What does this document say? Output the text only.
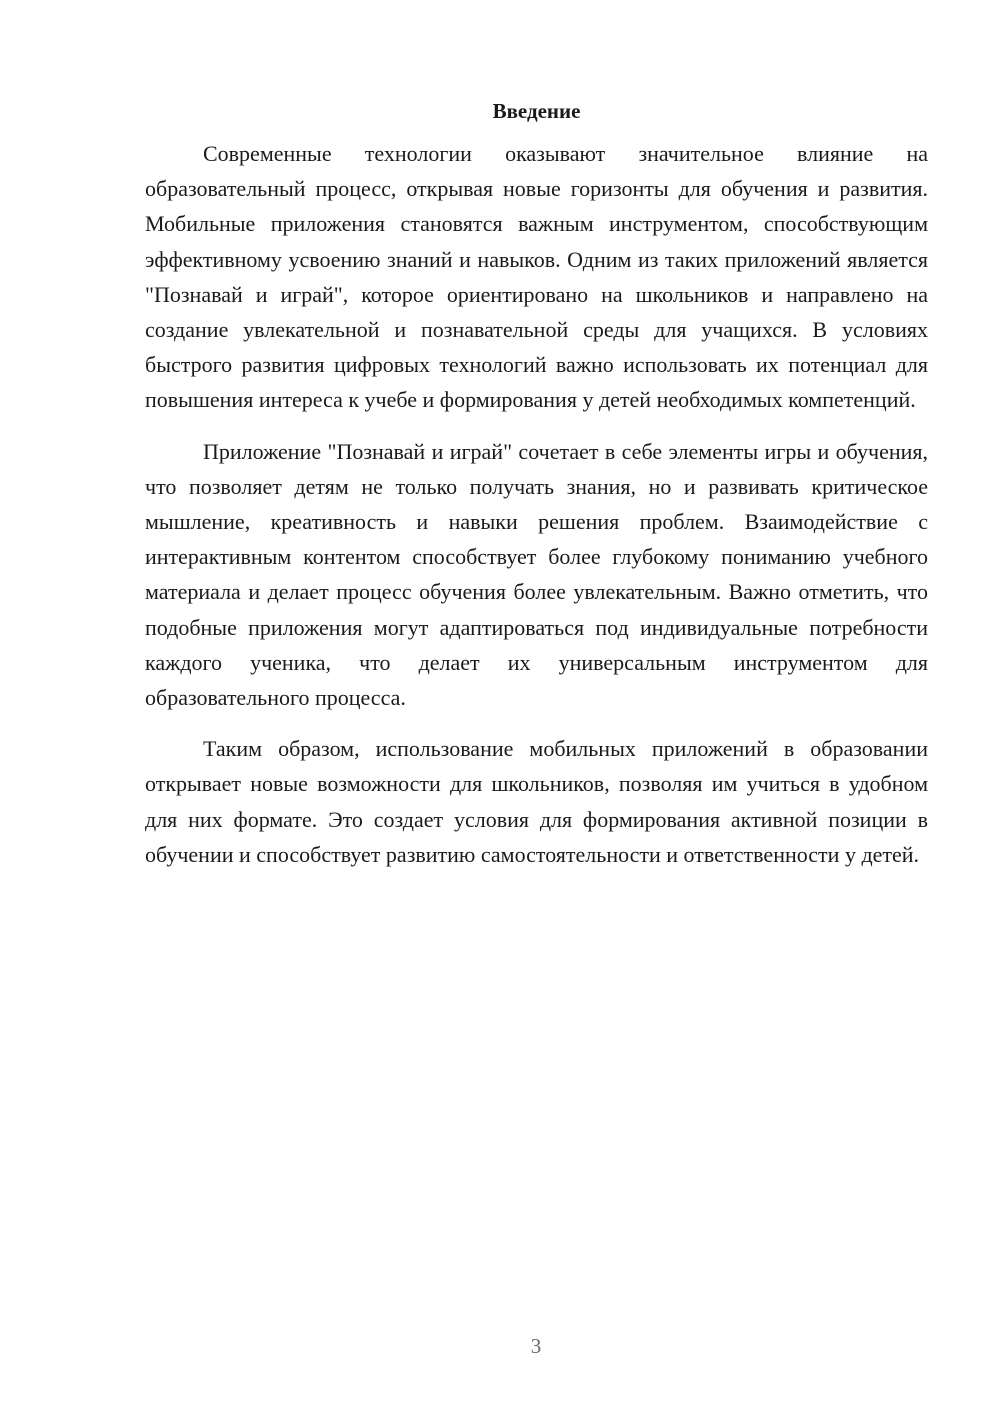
Введение

Современные технологии оказывают значительное влияние на образовательный процесс, открывая новые горизонты для обучения и развития. Мобильные приложения становятся важным инструментом, способствующим эффективному усвоению знаний и навыков. Одним из таких приложений является "Познавай и играй", которое ориентировано на школьников и направлено на создание увлекательной и познавательной среды для учащихся. В условиях быстрого развития цифровых технологий важно использовать их потенциал для повышения интереса к учебе и формирования у детей необходимых компетенций.

Приложение "Познавай и играй" сочетает в себе элементы игры и обучения, что позволяет детям не только получать знания, но и развивать критическое мышление, креативность и навыки решения проблем. Взаимодействие с интерактивным контентом способствует более глубокому пониманию учебного материала и делает процесс обучения более увлекательным. Важно отметить, что подобные приложения могут адаптироваться под индивидуальные потребности каждого ученика, что делает их универсальным инструментом для образовательного процесса.

Таким образом, использование мобильных приложений в образовании открывает новые возможности для школьников, позволяя им учиться в удобном для них формате. Это создает условия для формирования активной позиции в обучении и способствует развитию самостоятельности и ответственности у детей.

3
